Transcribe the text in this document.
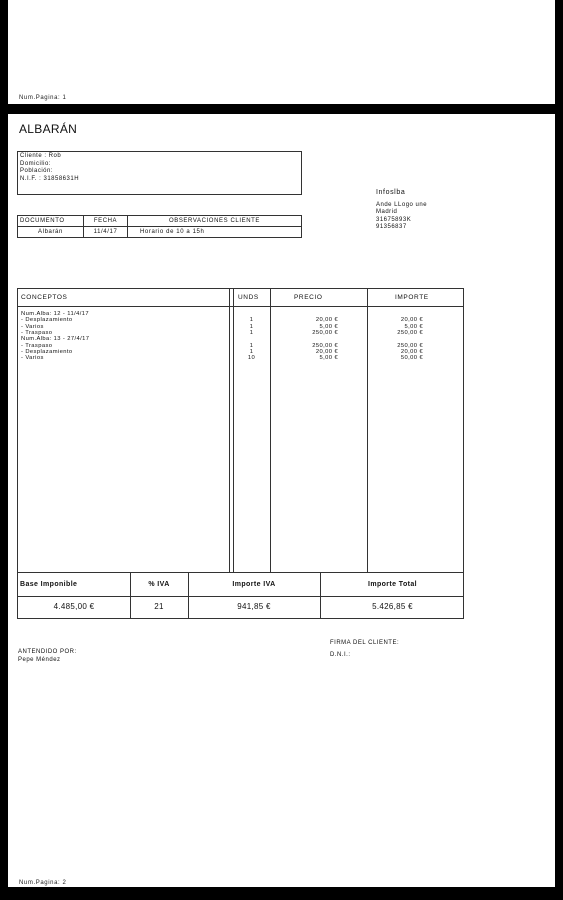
Num.Pagina: 1
ALBARÁN
Cliente : Rob
Domicilio:
Población:
N.I.F. : 31858631H
Infoslba
Ande LLogo une
Madrid
31675893K
91356837
DOCUMENTO	FECHA	OBSERVACIONES CLIENTE
Albarán	11/4/17	Horario de 10 a 15h
CONCEPTOS	UNDS	PRECIO	IMPORTE
Num.Alba: 12 - 11/4/17
- Desplazamiento	1	20,00 €	20,00 €
- Varios	1	5,00 €	5,00 €
- Traspaso	1	250,00 €	250,00 €
Num.Alba: 13 - 27/4/17
- Traspaso	1	250,00 €	250,00 €
- Desplazamiento	1	20,00 €	20,00 €
- Varios	10	5,00 €	50,00 €
Base Imponible	% IVA	Importe IVA	Importe Total
4.485,00 €	21	941,85 €	5.426,85 €
ANTENDIDO POR:
Pepe Méndez
FIRMA DEL CLIENTE:
D.N.I.:
Num.Pagina: 2
